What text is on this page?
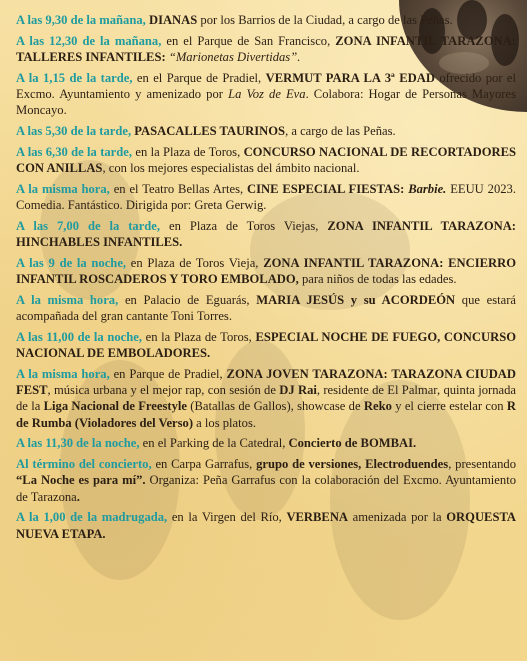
A las 9,30 de la mañana, DIANAS por los Barrios de la Ciudad, a cargo de las Peñas.

A las 12,30 de la mañana, en el Parque de San Francisco, ZONA INFANTIL TARAZONA: TALLERES INFANTILES: “Marionetas Divertidas”.

A la 1,15 de la tarde, en el Parque de Pradiel, VERMUT PARA LA 3ª EDAD ofrecido por el Excmo. Ayuntamiento y amenizado por La Voz de Eva. Colabora: Hogar de Personas Mayores Moncayo.

A las 5,30 de la tarde, PASACALLES TAURINOS, a cargo de las Peñas.

A las 6,30 de la tarde, en la Plaza de Toros, CONCURSO NACIONAL DE RECORTADORES CON ANILLAS, con los mejores especialistas del ámbito nacional.

A la misma hora, en el Teatro Bellas Artes, CINE ESPECIAL FIESTAS: Barbie. EEUU 2023. Comedia. Fantástico. Dirigida por: Greta Gerwig.

A las 7,00 de la tarde, en Plaza de Toros Viejas, ZONA INFANTIL TARAZONA: HINCHABLES INFANTILES.

A las 9 de la noche, en Plaza de Toros Vieja, ZONA INFANTIL TARAZONA: ENCIERRO INFANTIL ROSCADEROS Y TORO EMBOLADO, para niños de todas las edades.

A la misma hora, en Palacio de Eguarás, MARIA JESÚS y su ACORDEÓN que estará acompañada del gran cantante Toni Torres.

A las 11,00 de la noche, en la Plaza de Toros, ESPECIAL NOCHE DE FUEGO, CONCURSO NACIONAL DE EMBOLADORES.

A la misma hora, en Parque de Pradiel, ZONA JOVEN TARAZONA: TARAZONA CIUDAD FEST, música urbana y el mejor rap, con sesión de DJ Rai, residente de El Palmar, quinta jornada de la Liga Nacional de Freestyle (Batallas de Gallos), showcase de Reko y el cierre estelar con R de Rumba (Violadores del Verso) a los platos.

A las 11,30 de la noche, en el Parking de la Catedral, Concierto de BOMBAI.

Al término del concierto, en Carpa Garrafus, grupo de versiones, Electroduendes, presentando “La Noche es para mí”. Organiza: Peña Garrafus con la colaboración del Excmo. Ayuntamiento de Tarazona.

A la 1,00 de la madrugada, en la Virgen del Río, VERBENA amenizada por la ORQUESTA NUEVA ETAPA.
